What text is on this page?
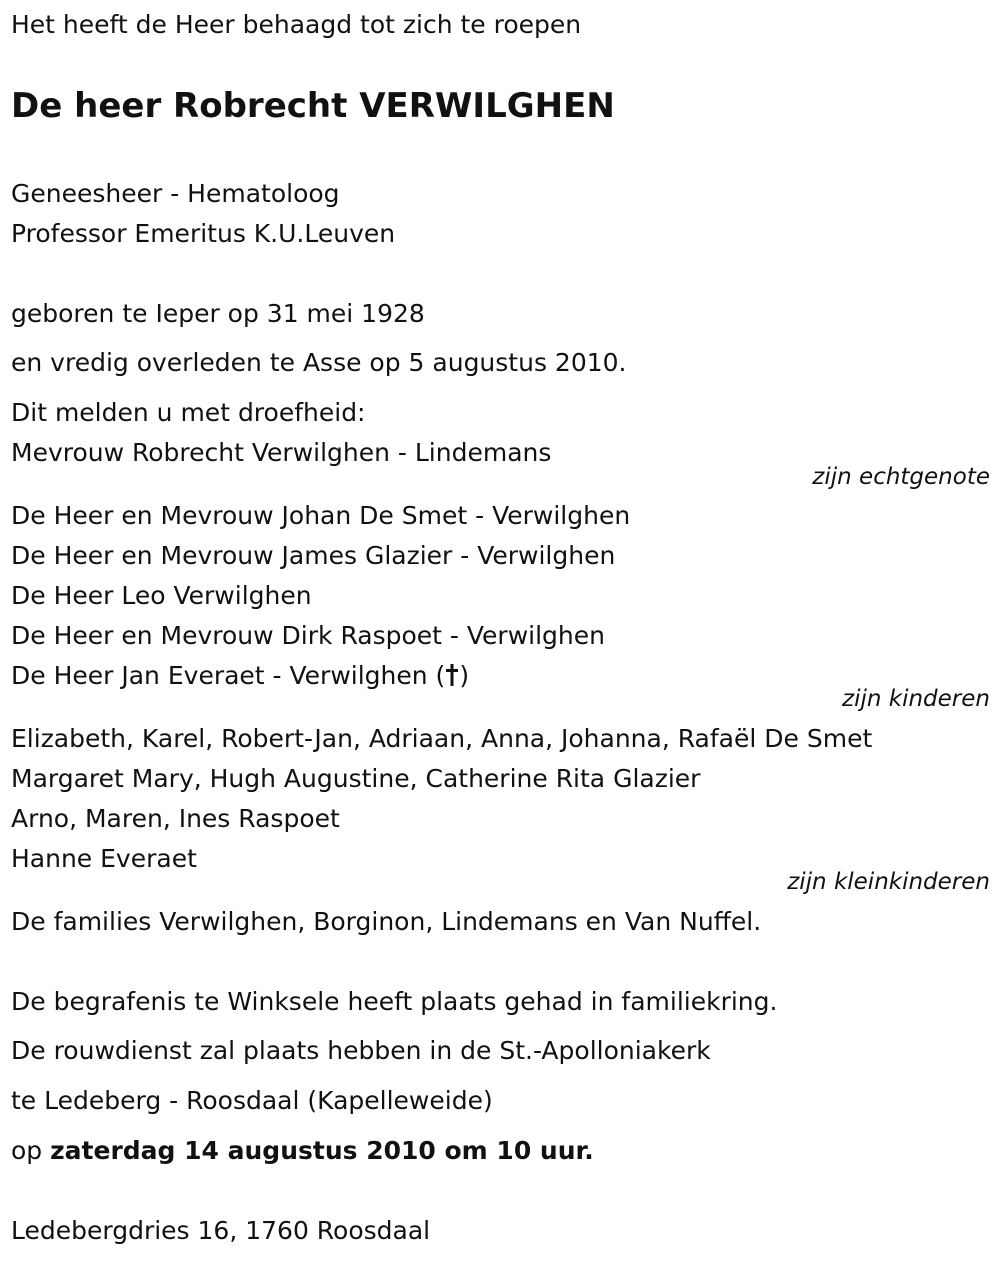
Het heeft de Heer behaagd tot zich te roepen
De heer Robrecht VERWILGHEN
Geneesheer - Hematoloog
Professor Emeritus K.U.Leuven
geboren te Ieper op 31 mei 1928
en vredig overleden te Asse op 5 augustus 2010.
Dit melden u met droefheid:
Mevrouw Robrecht Verwilghen - Lindemans
zijn echtgenote
De Heer en Mevrouw Johan De Smet - Verwilghen
De Heer en Mevrouw James Glazier - Verwilghen
De Heer Leo Verwilghen
De Heer en Mevrouw Dirk Raspoet - Verwilghen
De Heer Jan Everaet - Verwilghen ( )
zijn kinderen
Elizabeth, Karel, Robert-Jan, Adriaan, Anna, Johanna, Rafaël De Smet
Margaret Mary, Hugh Augustine, Catherine Rita Glazier
Arno, Maren, Ines Raspoet
Hanne Everaet
zijn kleinkinderen
De families Verwilghen, Borginon, Lindemans en Van Nuffel.
De begrafenis te Winksele heeft plaats gehad in familiekring.
De rouwdienst zal plaats hebben in de St.-Apolloniakerk
te Ledeberg - Roosdaal (Kapelleweide)
op zaterdag 14 augustus 2010 om 10 uur.
Ledebergdries 16, 1760 Roosdaal
